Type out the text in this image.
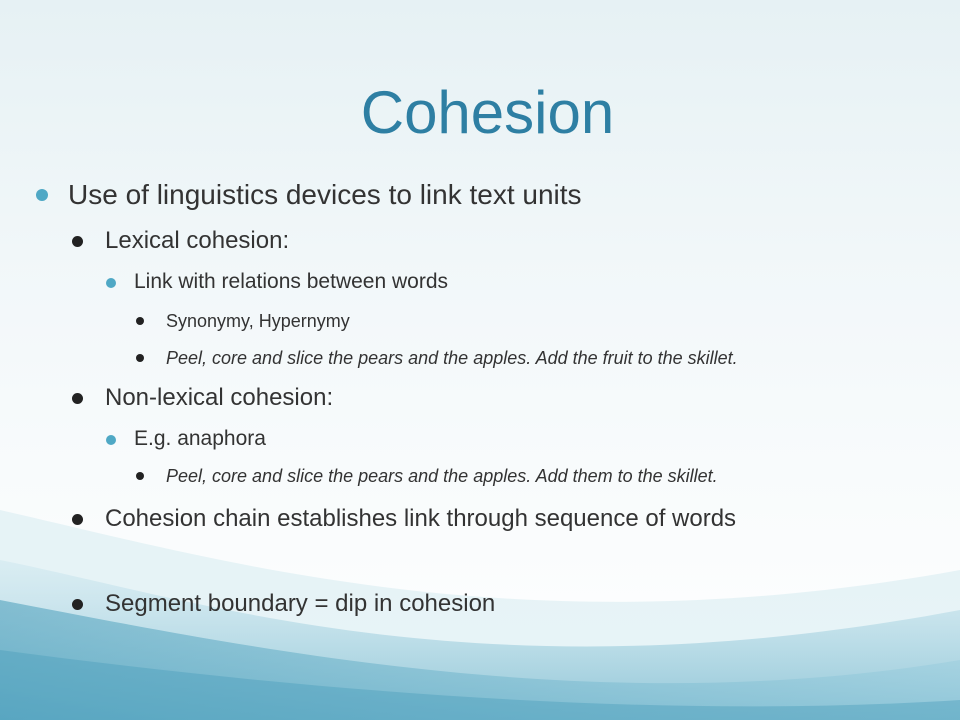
Cohesion
Use of linguistics devices to link text units
Lexical cohesion:
Link with relations between words
Synonymy, Hypernymy
Peel, core and slice the pears and the apples. Add the fruit to the skillet.
Non-lexical cohesion:
E.g. anaphora
Peel, core and slice the pears and the apples. Add them to the skillet.
Cohesion chain establishes link through sequence of words
Segment boundary = dip in cohesion
